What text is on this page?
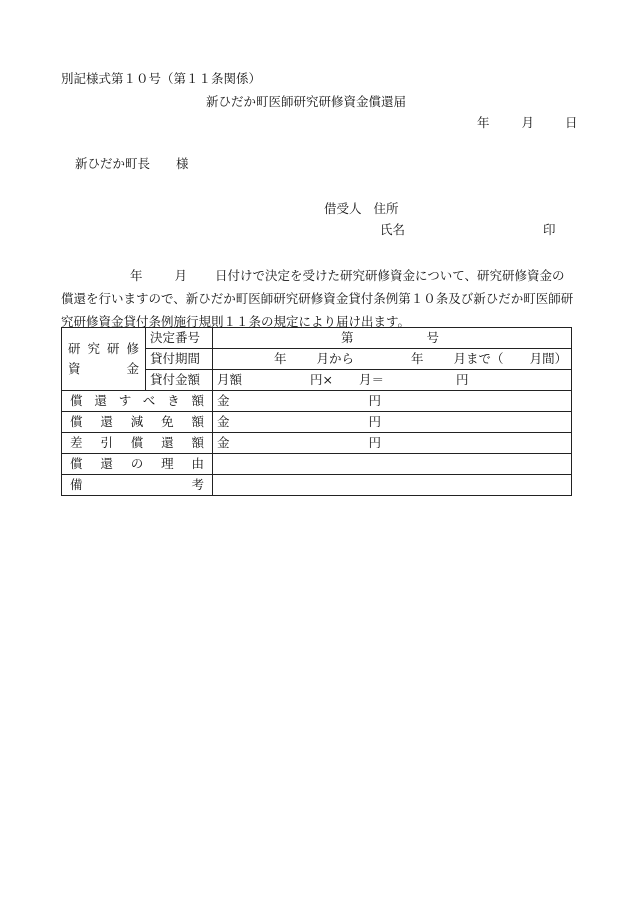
別記様式第１０号（第１１条関係）
新ひだか町医師研究研修資金償還届
年	月 日
新ひだか町長 様
借受人 住所
氏名	印
年	月 日付けで決定を受けた研究研修資金について、研究研修資金の償還を行いますので、新ひだか町医師研究研修資金貸付条例第１０条及び新ひだか町医師研究研修資金貸付条例施行規則１１条の規定により届け出ます。
研究研修
資金	決定番号	第 号
	貸付期間	年 月から 年 月まで（ 月間）
	貸付金額	月額 円× 月＝ 円

償還すべき額		金 円

償還減免額		金 円

差引償還額		金 円

償還の理由		

備考		
